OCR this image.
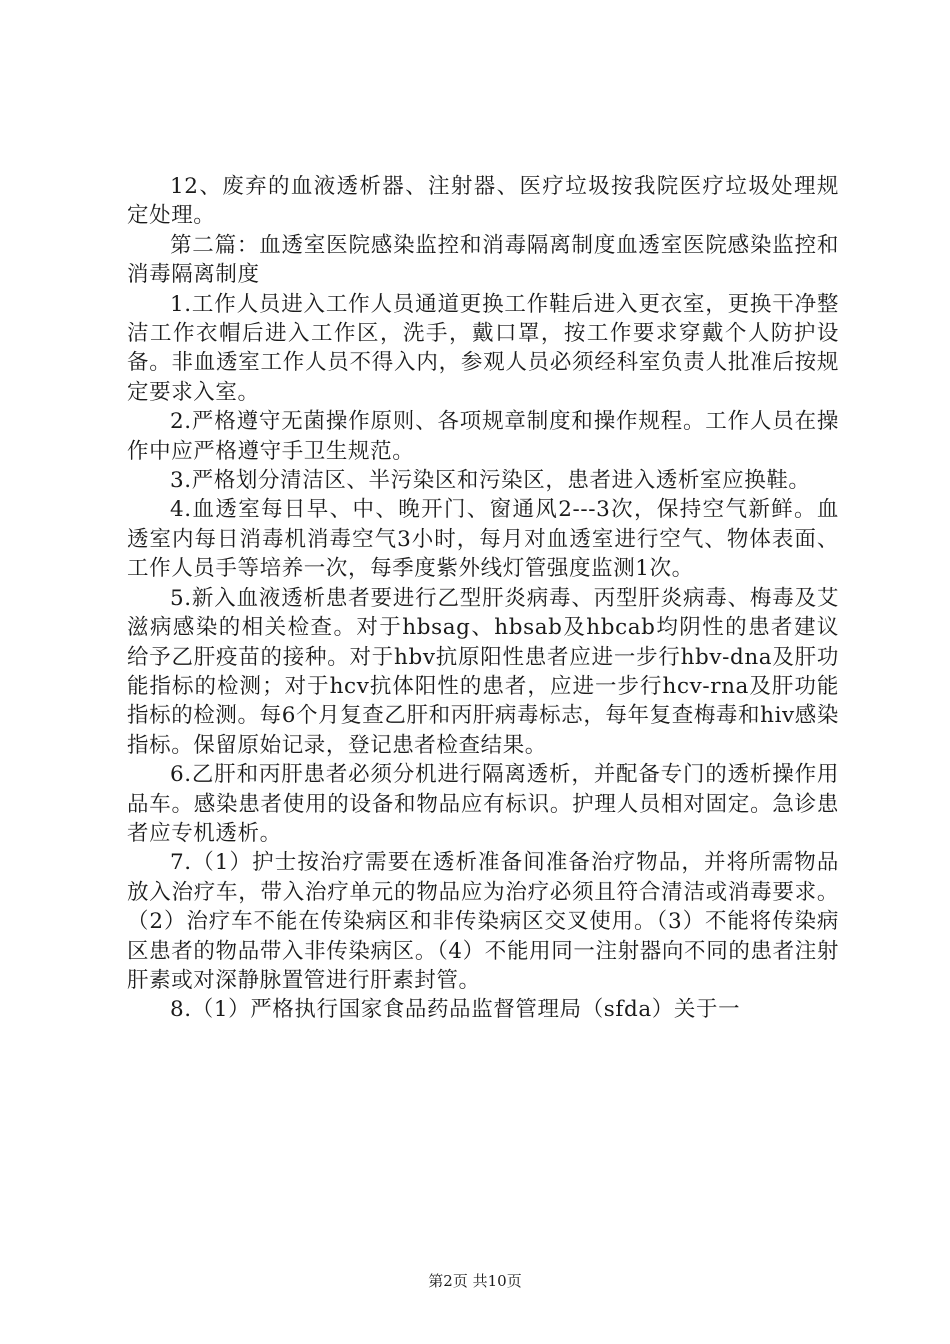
12、废弃的血液透析器、注射器、医疗垃圾按我院医疗垃圾处理规定处理。

第二篇：血透室医院感染监控和消毒隔离制度血透室医院感染监控和消毒隔离制度

1.工作人员进入工作人员通道更换工作鞋后进入更衣室，更换干净整洁工作衣帽后进入工作区，洗手，戴口罩，按工作要求穿戴个人防护设备。非血透室工作人员不得入内，参观人员必须经科室负责人批准后按规定要求入室。

2.严格遵守无菌操作原则、各项规章制度和操作规程。工作人员在操作中应严格遵守手卫生规范。

3.严格划分清洁区、半污染区和污染区，患者进入透析室应换鞋。

4.血透室每日早、中、晚开门、窗通风2---3次，保持空气新鲜。血透室内每日消毒机消毒空气3小时，每月对血透室进行空气、物体表面、工作人员手等培养一次，每季度紫外线灯管强度监测1次。

5.新入血液透析患者要进行乙型肝炎病毒、丙型肝炎病毒、梅毒及艾滋病感染的相关检查。对于hbsag、hbsab及hbcab均阴性的患者建议给予乙肝疫苗的接种。对于hbv抗原阳性患者应进一步行hbv-dna及肝功能指标的检测；对于hcv抗体阳性的患者，应进一步行hcv-rna及肝功能指标的检测。每6个月复查乙肝和丙肝病毒标志，每年复查梅毒和hiv感染指标。保留原始记录，登记患者检查结果。

6.乙肝和丙肝患者必须分机进行隔离透析，并配备专门的透析操作用品车。感染患者使用的设备和物品应有标识。护理人员相对固定。急诊患者应专机透析。

7.（1）护士按治疗需要在透析准备间准备治疗物品，并将所需物品放入治疗车，带入治疗单元的物品应为治疗必须且符合清洁或消毒要求。（2）治疗车不能在传染病区和非传染病区交叉使用。（3）不能将传染病区患者的物品带入非传染病区。（4）不能用同一注射器向不同的患者注射肝素或对深静脉置管进行肝素封管。

8.（1）严格执行国家食品药品监督管理局（sfda）关于一

第2页 共10页
